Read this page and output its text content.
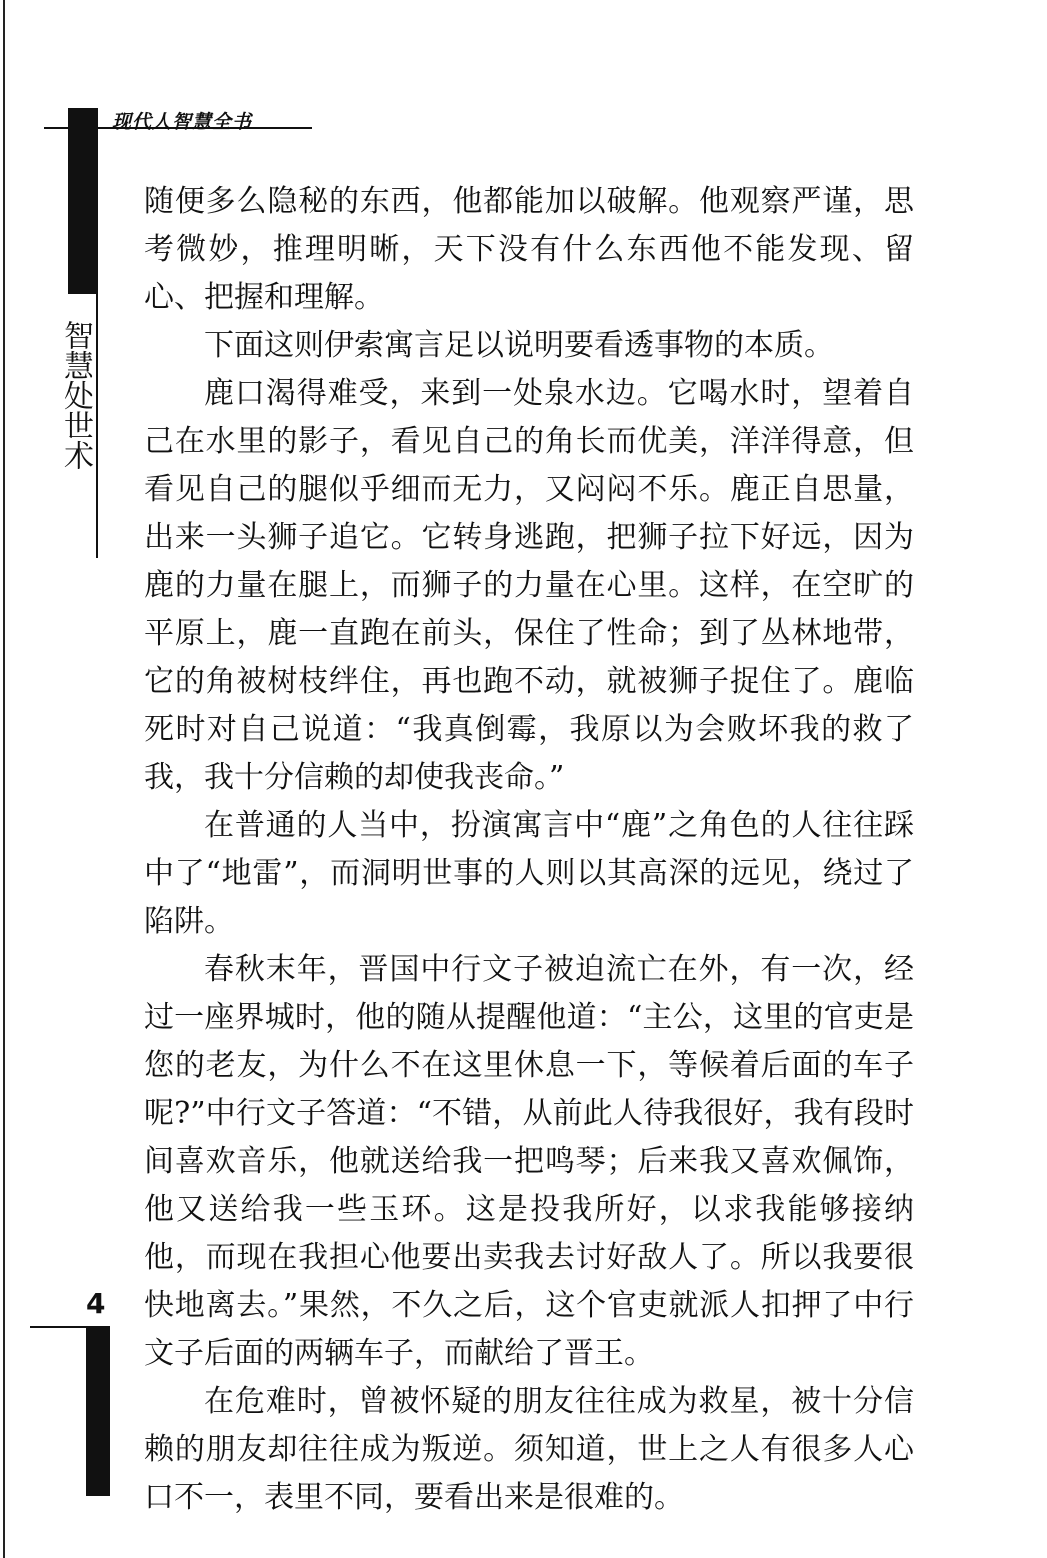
现代人智慧全书
智慧处世术

随便多么隐秘的东西，他都能加以破解。他观察严谨，思考微妙，推理明晰，天下没有什么东西他不能发现、留心、把握和理解。

下面这则伊索寓言足以说明要看透事物的本质。

鹿口渴得难受，来到一处泉水边。它喝水时，望着自己在水里的影子，看见自己的角长而优美，洋洋得意，但看见自己的腿似乎细而无力，又闷闷不乐。鹿正自思量，出来一头狮子追它。它转身逃跑，把狮子拉下好远，因为鹿的力量在腿上，而狮子的力量在心里。这样，在空旷的平原上，鹿一直跑在前头，保住了性命；到了丛林地带，它的角被树枝绊住，再也跑不动，就被狮子捉住了。鹿临死时对自己说道：“我真倒霉，我原以为会败坏我的救了我，我十分信赖的却使我丧命。”

在普通的人当中，扮演寓言中“鹿”之角色的人往往踩中了“地雷”，而洞明世事的人则以其高深的远见，绕过了陷阱。

春秋末年，晋国中行文子被迫流亡在外，有一次，经过一座界城时，他的随从提醒他道：“主公，这里的官吏是您的老友，为什么不在这里休息一下，等候着后面的车子呢?”中行文子答道：“不错，从前此人待我很好，我有段时间喜欢音乐，他就送给我一把鸣琴；后来我又喜欢佩饰，他又送给我一些玉环。这是投我所好，以求我能够接纳他，而现在我担心他要出卖我去讨好敌人了。所以我要很快地离去。”果然，不久之后，这个官吏就派人扣押了中行文子后面的两辆车子，而献给了晋王。

在危难时，曾被怀疑的朋友往往成为救星，被十分信赖的朋友却往往成为叛逆。须知道，世上之人有很多人心口不一，表里不同，要看出来是很难的。

4
